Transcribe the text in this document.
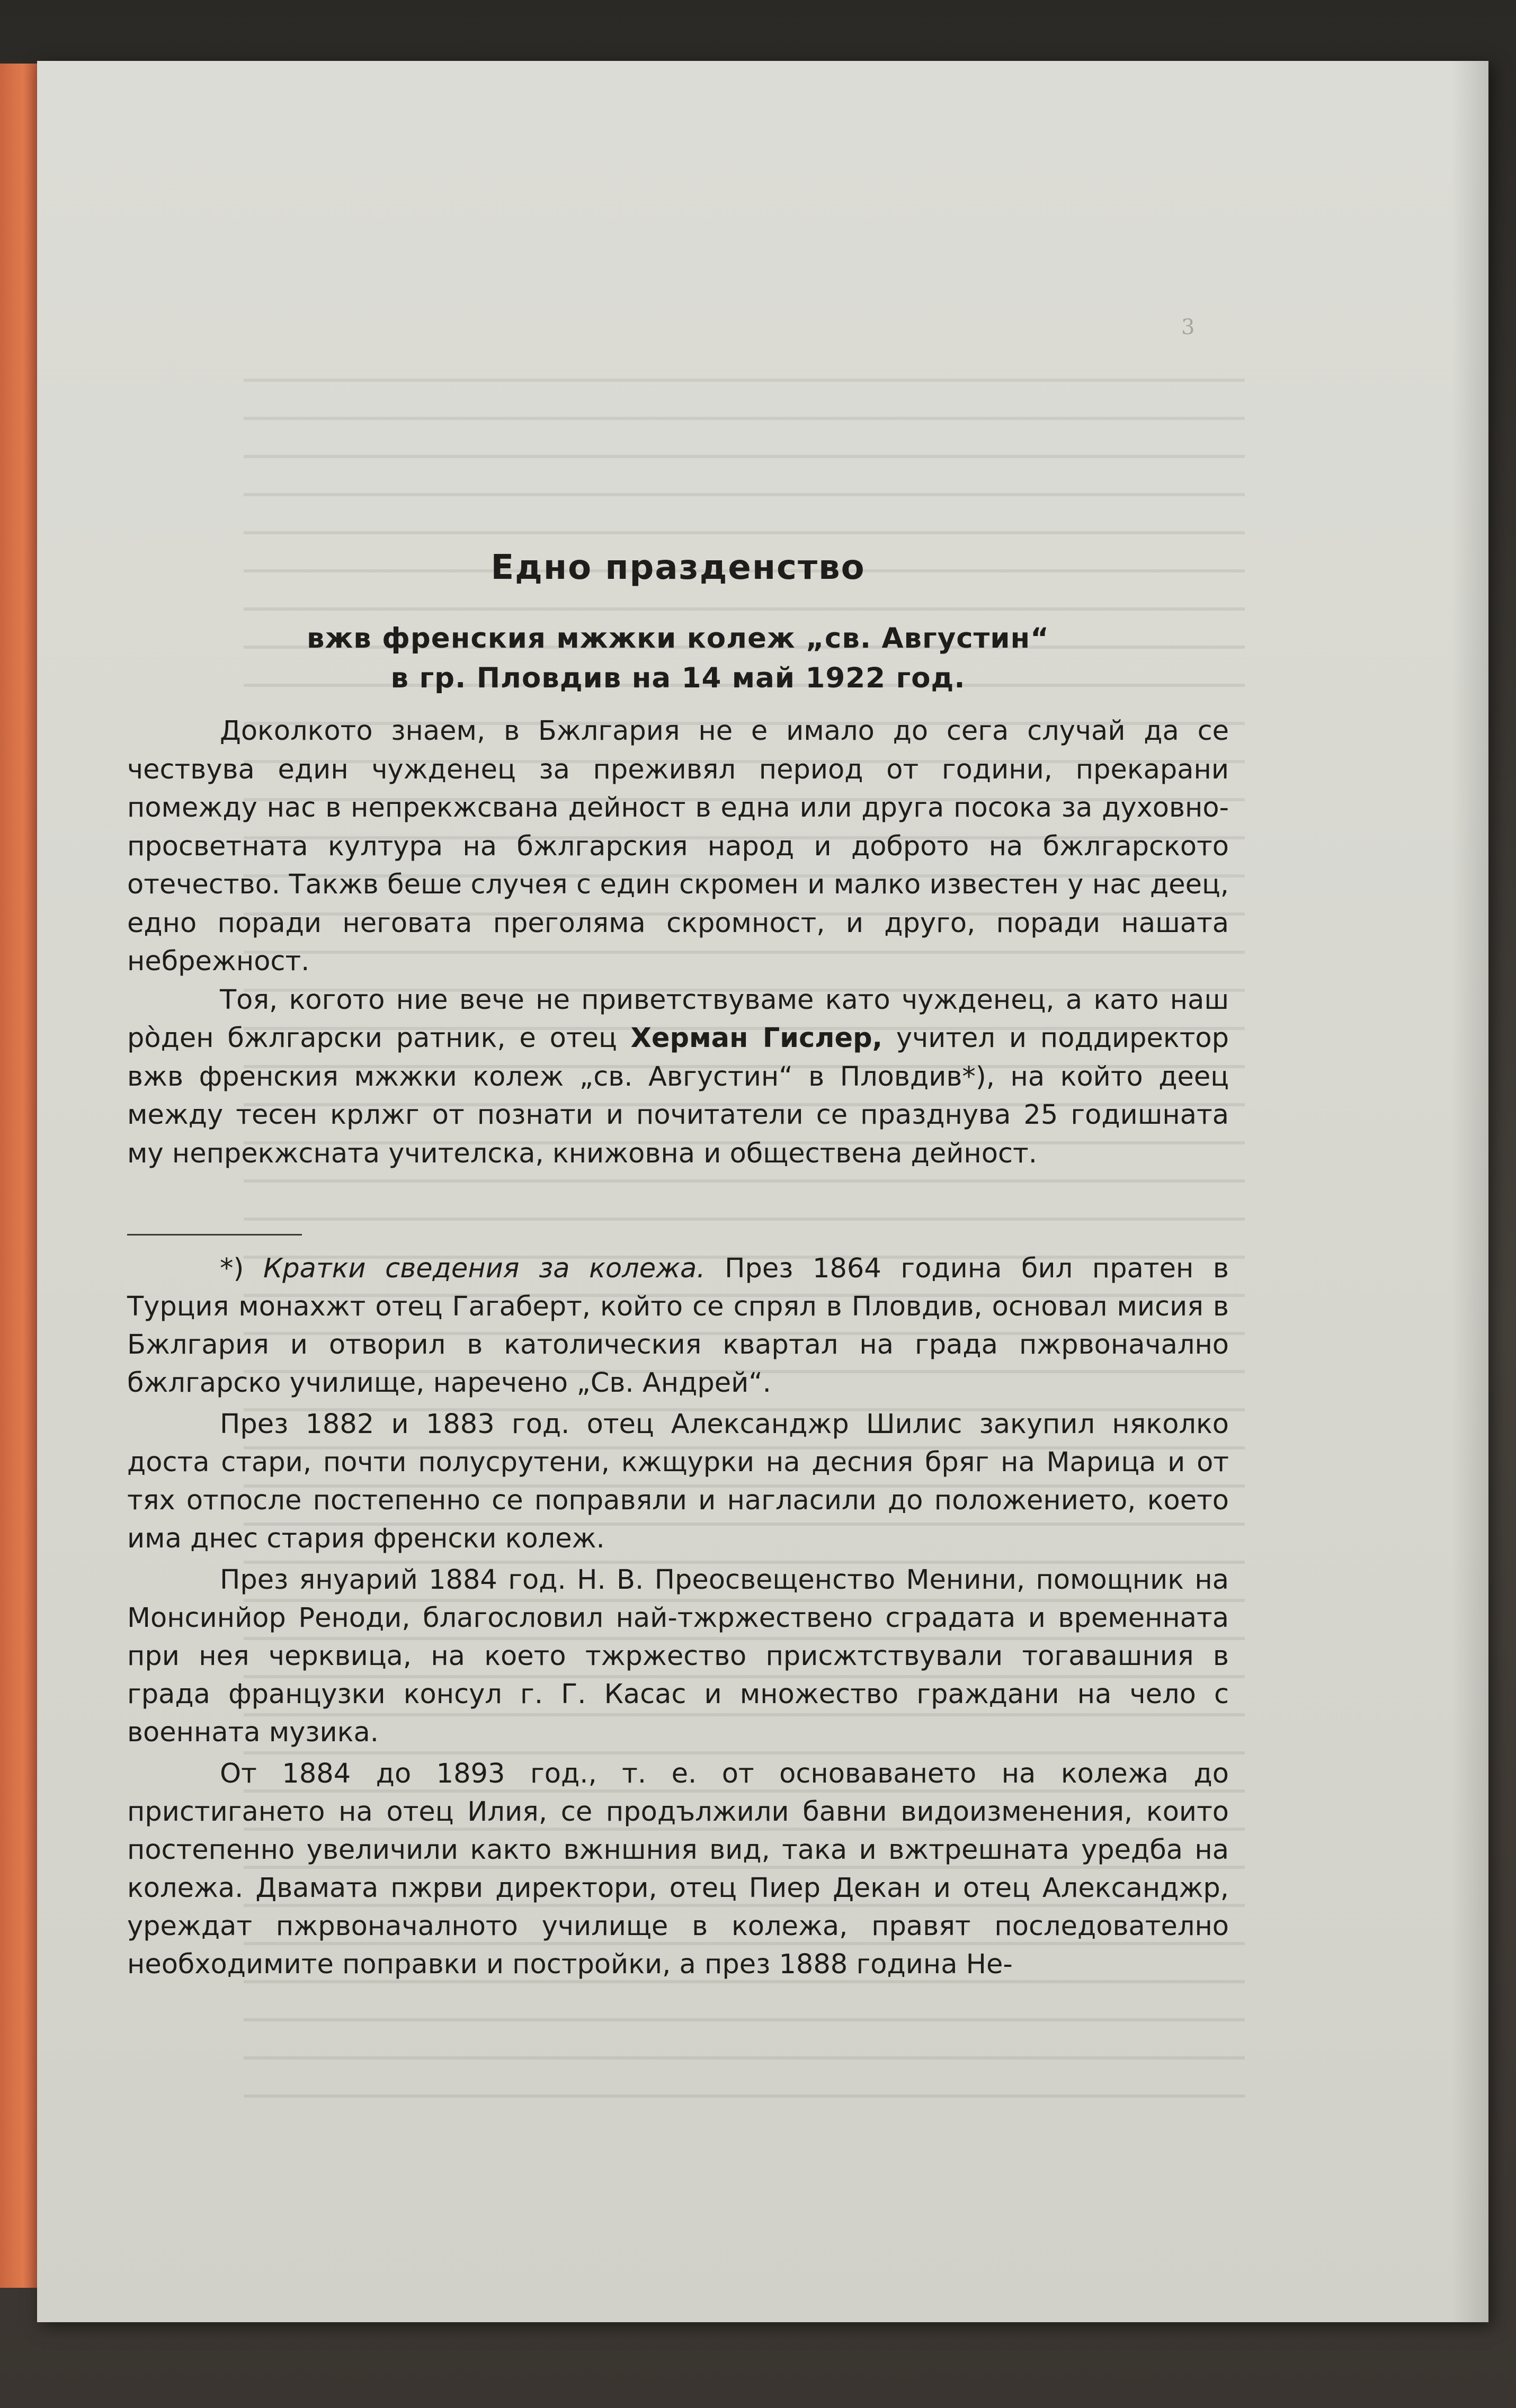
3
Едно празденство
вжв френския мжжки колеж „св. Августин“
в гр. Пловдив на 14 май 1922 год.

Доколкото знаем, в Бжлгария не е имало до сега случай да се чествува един чужденец за преживял период от години, прекарани помежду нас в непрекжсвана дейност в една или друга посока за духовно-просветната култура на бжлгарския народ и доброто на бжлгарското отечество. Такжв беше случея с един скромен и малко известен у нас деец, едно поради неговата преголяма скромност, и друго, поради нашата небрежност.

Тоя, когото ние вече не приветствуваме като чужденец, а като наш рòден бжлгарски ратник, е отец Херман Гислер, учител и поддиректор вжв френския мжжки колеж „св. Августин“ в Пловдив*), на който деец между тесен крлжг от познати и почитатели се празднува 25 годишната му непрекжснатa учителска, книжовна и обществена дейност.

*) Кратки сведения за колежа. През 1864 година бил пратен в Турция монахжт отец Гагаберт, който се спрял в Пловдив, основал мисия в Бжлгария и отворил в католическия квартал на града пжрвоначално бжлгарско училище, наречено „Св. Андрей“.

През 1882 и 1883 год. отец Александжр Шилис закупил няколко доста стари, почти полусрутени, кжщурки на десния бряг на Марица и от тях отпосле постепенно се поправяли и нагласили до положението, което има днес стария френски колеж.

През януарий 1884 год. Н. В. Преосвещенство Менини, помощник на Монсинйор Реноди, благословил най-тжржествено сградата и временната при нея черквица, на което тжржество присжтствували тогавашния в града французки консул г. Г. Касас и множество граждани на чело с военната музика.

От 1884 до 1893 год., т. е. от основаването на колежа до пристигането на отец Илия, се продължили бавни видоизменения, които постепенно увеличили както вжншния вид, така и вжтрешната уредба на колежа. Двамата пжрви директори, отец Пиер Декан и отец Александжр, уреждат пжрвоначалното училище в колежа, правят последователно необходимите поправки и постройки, а през 1888 година Не-
